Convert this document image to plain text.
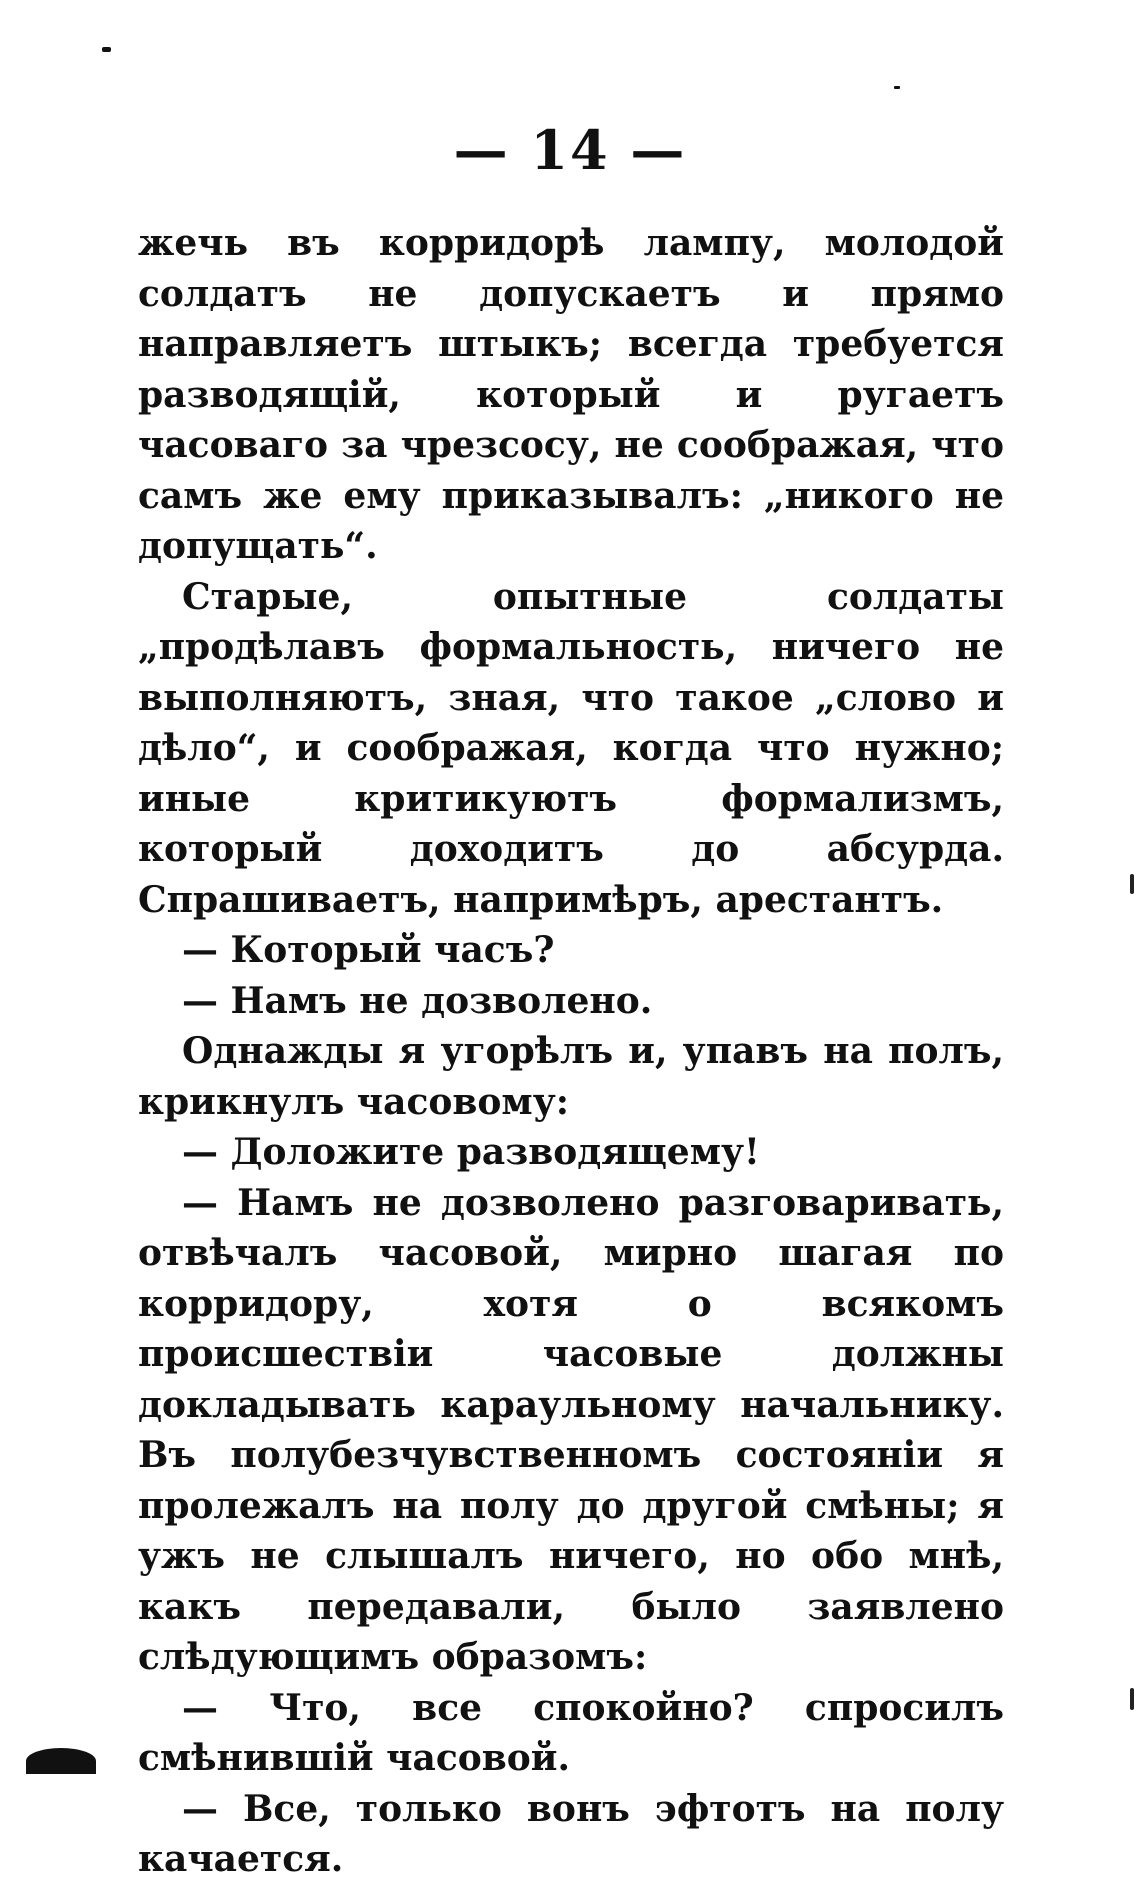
— 14 —

жечь въ корридорѣ лампу, молодой солдатъ не допускаетъ и прямо направляетъ штыкъ; всегда требуется разводящій, который и ругаетъ часоваго за чрезсосу, не соображая, что самъ же ему приказывалъ: „никого не допущать“.

Старые, опытные солдаты „продѣлавъ формальность, ничего не выполняютъ, зная, что такое „слово и дѣло“, и соображая, когда что нужно; иные критикуютъ формализмъ, который доходитъ до абсурда. Спрашиваетъ, напримѣръ, арестантъ.

— Который часъ?

— Намъ не дозволено.

Однажды я угорѣлъ и, упавъ на полъ, крикнулъ часовому:

— Доложите разводящему!

— Намъ не дозволено разговаривать, отвѣчалъ часовой, мирно шагая по корридору, хотя о всякомъ происшествіи часовые должны докладывать караульному начальнику. Въ полубезчувственномъ состояніи я пролежалъ на полу до другой смѣны; я ужъ не слышалъ ничего, но обо мнѣ, какъ передавали, было заявлено слѣдующимъ образомъ:

— Что, все спокойно? спросилъ смѣнившій часовой.

— Все, только вонъ эфтотъ на полу качается.
